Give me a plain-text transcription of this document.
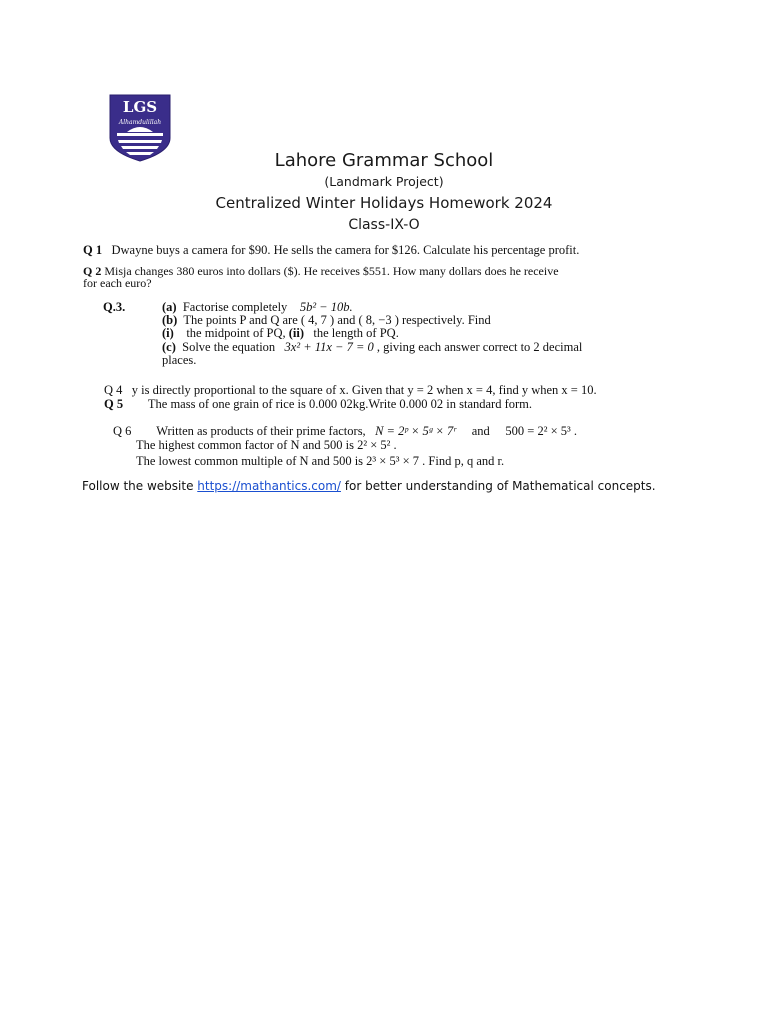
LGS
Alhamdulillah
Lahore Grammar School
(Landmark Project)
Centralized Winter Holidays Homework 2024
Class-IX-O
Q 1 Dwayne buys a camera for $90. He sells the camera for $126. Calculate his percentage profit.
Q 2 Misja changes 380 euros into dollars ($). He receives $551. How many dollars does he receive
for each euro?
Q.3.	(a) Factorise completely 5b² − 10b.
(b) The points P and Q are ( 4, 7 ) and ( 8, −3 ) respectively. Find
(i) the midpoint of PQ, (ii) the length of PQ.
(c) Solve the equation 3x² + 11x − 7 = 0 , giving each answer correct to 2 decimal
places.
Q 4 y is directly proportional to the square of x. Given that y = 2 when x = 4, find y when x = 10.
Q 5 The mass of one grain of rice is 0.000 02kg.Write 0.000 02 in standard form.
Q 6 Written as products of their prime factors, N = 2ᵖ × 5ᵍ × 7ʳ and 500 = 2² × 5³ .
The highest common factor of N and 500 is 2² × 5² .
The lowest common multiple of N and 500 is 2³ × 5³ × 7 . Find p, q and r.
Follow the website https://mathantics.com/ for better understanding of Mathematical concepts.
